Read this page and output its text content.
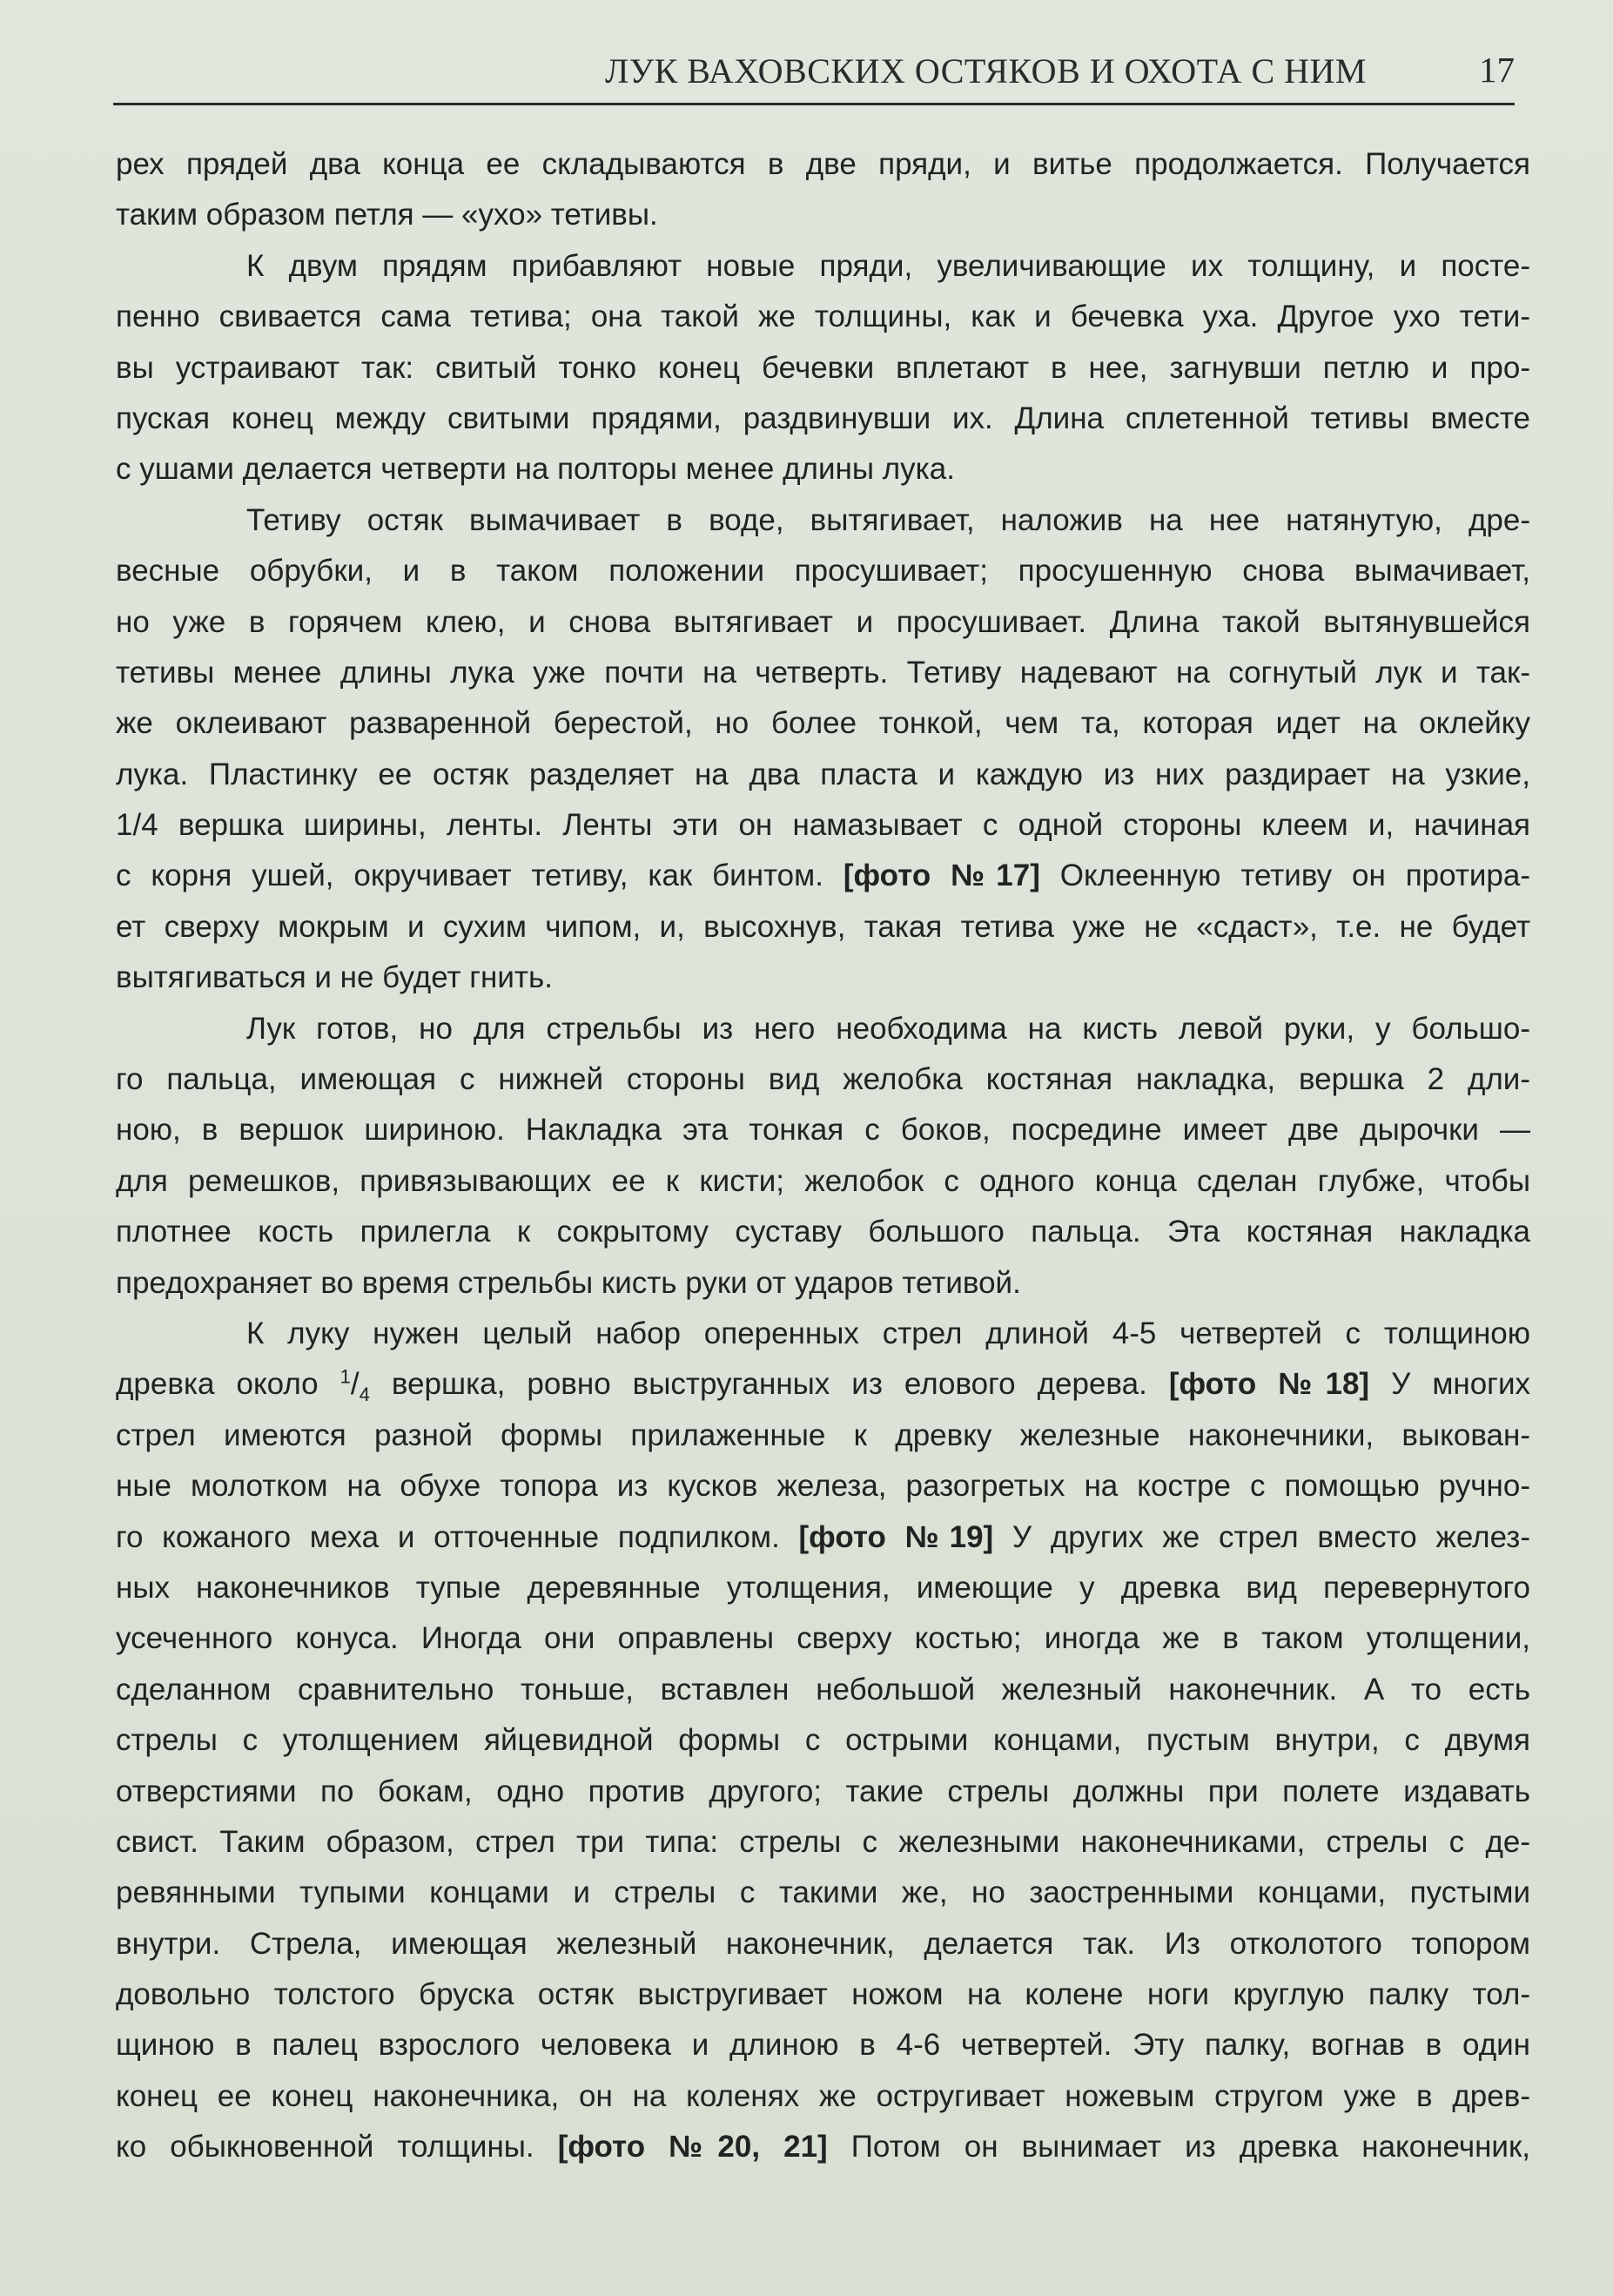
ЛУК ВАХОВСКИХ ОСТЯКОВ И ОХОТА С НИМ	17
рех прядей два конца ее складываются в две пряди, и витье продолжается. Получается
таким образом петля — «ухо» тетивы.
К двум прядям прибавляют новые пряди, увеличивающие их толщину, и посте-
пенно свивается сама тетива; она такой же толщины, как и бечевка уха. Другое ухо тети-
вы устраивают так: свитый тонко конец бечевки вплетают в нее, загнувши петлю и про-
пуская конец между свитыми прядями, раздвинувши их. Длина сплетенной тетивы вместе
с ушами делается четверти на полторы менее длины лука.
Тетиву остяк вымачивает в воде, вытягивает, наложив на нее натянутую, дре-
весные обрубки, и в таком положении просушивает; просушенную снова вымачивает,
но уже в горячем клею, и снова вытягивает и просушивает. Длина такой вытянувшейся
тетивы менее длины лука уже почти на четверть. Тетиву надевают на согнутый лук и так-
же оклеивают разваренной берестой, но более тонкой, чем та, которая идет на оклейку
лука. Пластинку ее остяк разделяет на два пласта и каждую из них раздирает на узкие,
1/4 вершка ширины, ленты. Ленты эти он намазывает с одной стороны клеем и, начиная
с корня ушей, окручивает тетиву, как бинтом. [фото №17] Оклеенную тетиву он протира-
ет сверху мокрым и сухим чипом, и, высохнув, такая тетива уже не «сдаст», т.е. не будет
вытягиваться и не будет гнить.
Лук готов, но для стрельбы из него необходима на кисть левой руки, у большо-
го пальца, имеющая с нижней стороны вид желобка костяная накладка, вершка 2 дли-
ною, в вершок шириною. Накладка эта тонкая с боков, посредине имеет две дырочки —
для ремешков, привязывающих ее к кисти; желобок с одного конца сделан глубже, чтобы
плотнее кость прилегла к сокрытому суставу большого пальца. Эта костяная накладка
предохраняет во время стрельбы кисть руки от ударов тетивой.
К луку нужен целый набор оперенных стрел длиной 4-5 четвертей с толщиною
древка около $^1/_4$ вершка, ровно выструганных из елового дерева. [фото №18] У многих
стрел имеются разной формы прилаженные к древку железные наконечники, выкован-
ные молотком на обухе топора из кусков железа, разогретых на костре с помощью ручно-
го кожаного меха и отточенные подпилком. [фото №19] У других же стрел вместо желез-
ных наконечников тупые деревянные утолщения, имеющие у древка вид перевернутого
усеченного конуса. Иногда они оправлены сверху костью; иногда же в таком утолщении,
сделанном сравнительно тоньше, вставлен небольшой железный наконечник. А то есть
стрелы с утолщением яйцевидной формы с острыми концами, пустым внутри, с двумя
отверстиями по бокам, одно против другого; такие стрелы должны при полете издавать
свист. Таким образом, стрел три типа: стрелы с железными наконечниками, стрелы с де-
ревянными тупыми концами и стрелы с такими же, но заостренными концами, пустыми
внутри. Стрела, имеющая железный наконечник, делается так. Из отколотого топором
довольно толстого бруска остяк выстругивает ножом на колене ноги круглую палку тол-
щиною в палец взрослого человека и длиною в 4-6 четвертей. Эту палку, вогнав в один
конец ее конец наконечника, он на коленях же остругивает ножевым стругом уже в древ-
ко обыкновенной толщины. [фото №20, 21] Потом он вынимает из древка наконечник,
